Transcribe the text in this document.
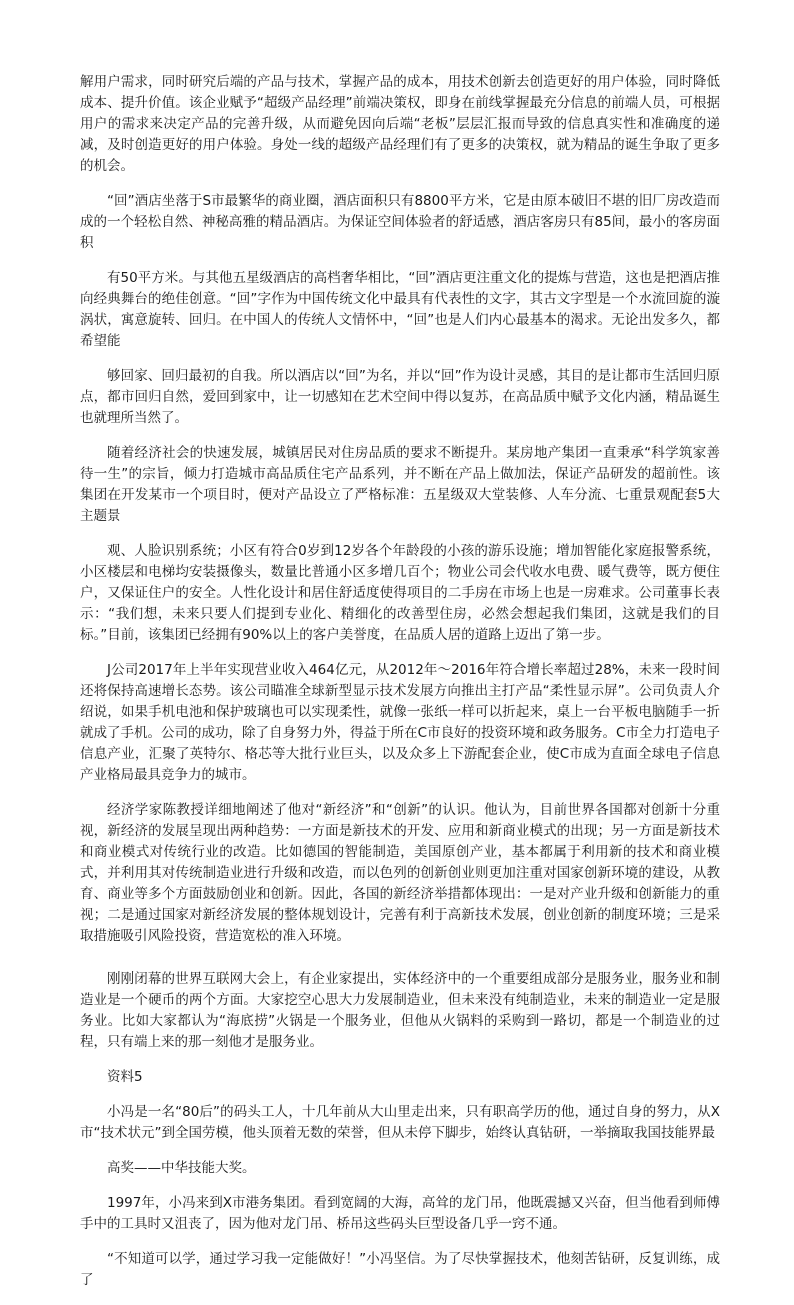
解用户需求，同时研究后端的产品与技术，掌握产品的成本，用技术创新去创造更好的用户体验，同时降低成本、提升价值。该企业赋予“超级产品经理”前端决策权，即身在前线掌握最充分信息的前端人员，可根据用户的需求来决定产品的完善升级，从而避免因向后端“老板”层层汇报而导致的信息真实性和准确度的递减，及时创造更好的用户体验。身处一线的超级产品经理们有了更多的决策权，就为精品的诞生争取了更多的机会。

“回”酒店坐落于S市最繁华的商业圈，酒店面积只有8800平方米，它是由原本破旧不堪的旧厂房改造而成的一个轻松自然、神秘高雅的精品酒店。为保证空间体验者的舒适感，酒店客房只有85间，最小的客房面积

有50平方米。与其他五星级酒店的高档奢华相比，“回”酒店更注重文化的提炼与营造，这也是把酒店推向经典舞台的绝佳创意。“回”字作为中国传统文化中最具有代表性的文字，其古文字型是一个水流回旋的漩涡状，寓意旋转、回归。在中国人的传统人文情怀中，“回”也是人们内心最基本的渴求。无论出发多久，都希望能

够回家、回归最初的自我。所以酒店以“回”为名，并以“回”作为设计灵感，其目的是让都市生活回归原点，都市回归自然，爱回到家中，让一切感知在艺术空间中得以复苏，在高品质中赋予文化内涵，精品诞生也就理所当然了。

随着经济社会的快速发展，城镇居民对住房品质的要求不断提升。某房地产集团一直秉承“科学筑家善待一生”的宗旨，倾力打造城市高品质住宅产品系列，并不断在产品上做加法，保证产品研发的超前性。该集团在开发某市一个项目时，便对产品设立了严格标准：五星级双大堂装修、人车分流、七重景观配套5大主题景

观、人脸识别系统；小区有符合0岁到12岁各个年龄段的小孩的游乐设施；增加智能化家庭报警系统，小区楼层和电梯均安装摄像头，数量比普通小区多增几百个；物业公司会代收水电费、暖气费等，既方便住户，又保证住户的安全。人性化设计和居住舒适度使得项目的二手房在市场上也是一房难求。公司董事长表示：“我们想，未来只要人们提到专业化、精细化的改善型住房，必然会想起我们集团，这就是我们的目标。”目前，该集团已经拥有90%以上的客户美誉度，在品质人居的道路上迈出了第一步。

J公司2017年上半年实现营业收入464亿元，从2012年～2016年符合增长率超过28%，未来一段时间还将保持高速增长态势。该公司瞄准全球新型显示技术发展方向推出主打产品“柔性显示屏”。公司负责人介绍说，如果手机电池和保护玻璃也可以实现柔性，就像一张纸一样可以折起来，桌上一台平板电脑随手一折就成了手机。公司的成功，除了自身努力外，得益于所在C市良好的投资环境和政务服务。C市全力打造电子信息产业，汇聚了英特尔、格芯等大批行业巨头，以及众多上下游配套企业，使C市成为直面全球电子信息产业格局最具竞争力的城市。

经济学家陈教授详细地阐述了他对“新经济”和“创新”的认识。他认为，目前世界各国都对创新十分重视，新经济的发展呈现出两种趋势：一方面是新技术的开发、应用和新商业模式的出现；另一方面是新技术和商业模式对传统行业的改造。比如德国的智能制造，美国原创产业，基本都属于利用新的技术和商业模式，并利用其对传统制造业进行升级和改造，而以色列的创新创业则更加注重对国家创新环境的建设，从教育、商业等多个方面鼓励创业和创新。因此，各国的新经济举措都体现出：一是对产业升级和创新能力的重视；二是通过国家对新经济发展的整体规划设计，完善有利于高新技术发展，创业创新的制度环境；三是采取措施吸引风险投资，营造宽松的准入环境。

刚刚闭幕的世界互联网大会上，有企业家提出，实体经济中的一个重要组成部分是服务业，服务业和制造业是一个硬币的两个方面。大家挖空心思大力发展制造业，但未来没有纯制造业，未来的制造业一定是服务业。比如大家都认为“海底捞”火锅是一个服务业，但他从火锅料的采购到一路切，都是一个制造业的过程，只有端上来的那一刻他才是服务业。

资料5

小冯是一名“80后”的码头工人，十几年前从大山里走出来，只有职高学历的他，通过自身的努力，从X市“技术状元”到全国劳模，他头顶着无数的荣誉，但从未停下脚步，始终认真钻研，一举摘取我国技能界最

高奖——中华技能大奖。

1997年，小冯来到X市港务集团。看到宽阔的大海，高耸的龙门吊，他既震撼又兴奋，但当他看到师傅手中的工具时又沮丧了，因为他对龙门吊、桥吊这些码头巨型设备几乎一窍不通。

“不知道可以学，通过学习我一定能做好！”小冯坚信。为了尽快掌握技术，他刻苦钻研，反复训练，成了
